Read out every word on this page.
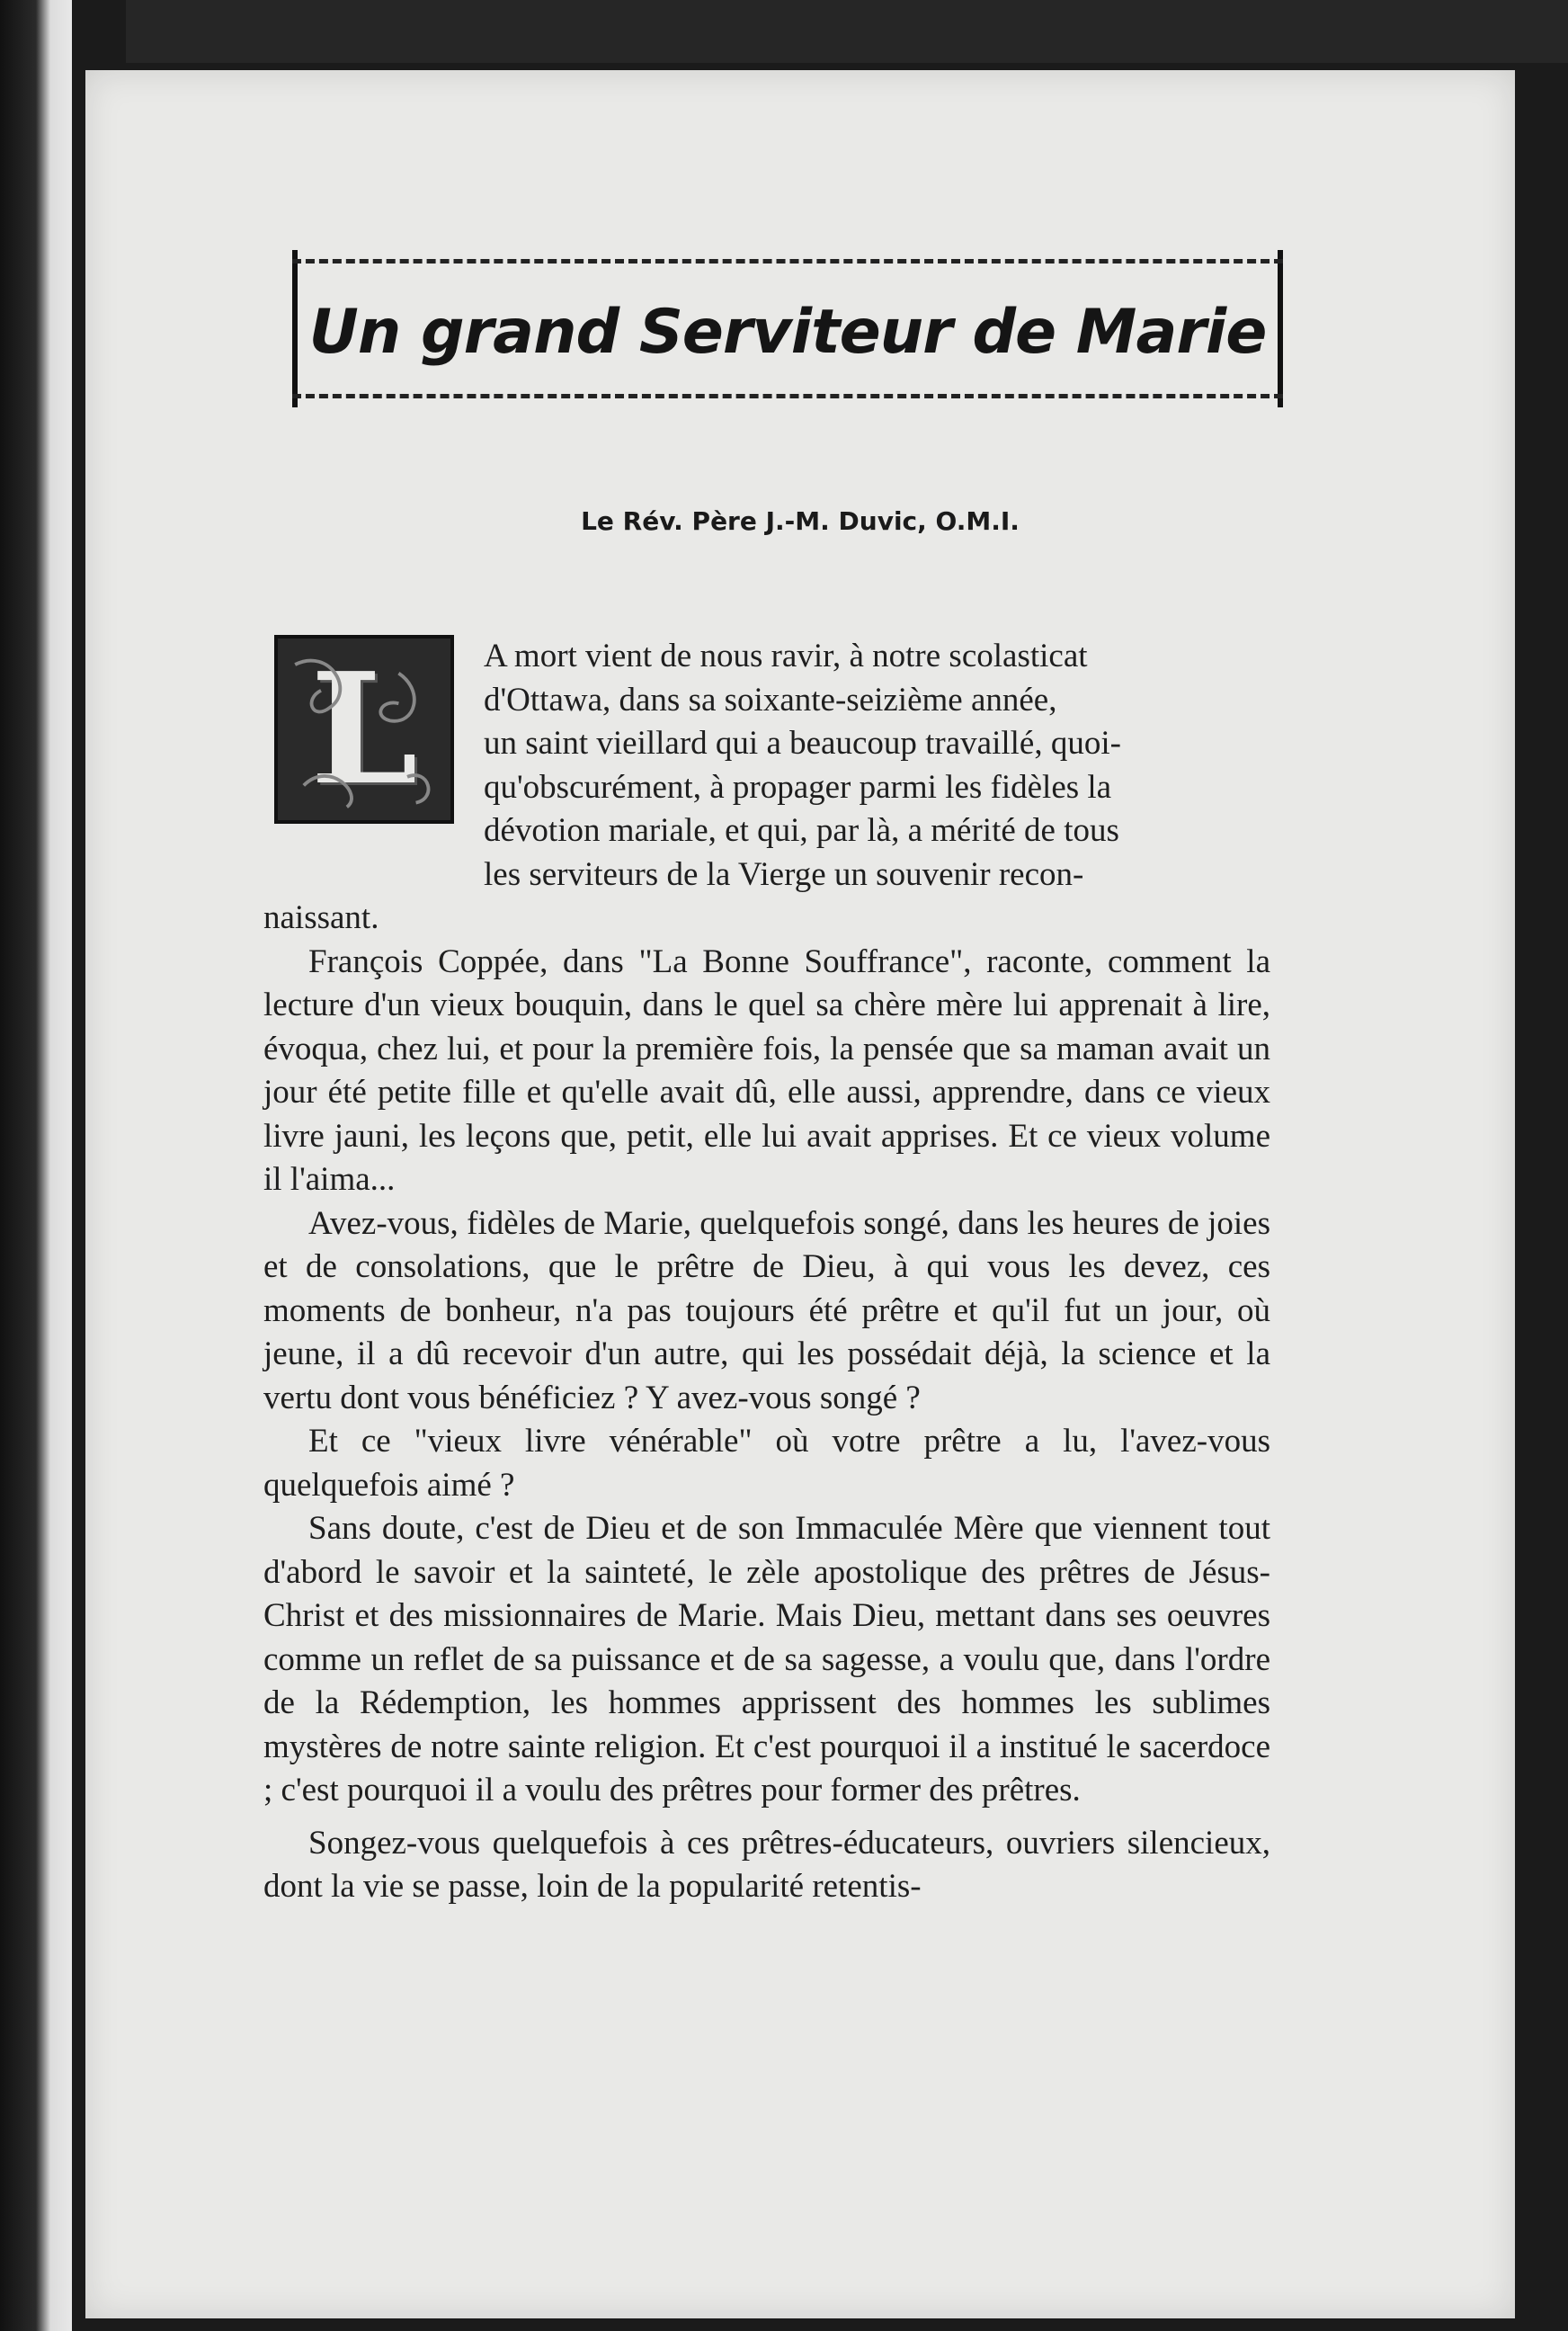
Un grand Serviteur de Marie
Le Rév. Père J.-M. Duvic, O.M.I.
L	A mort vient de nous ravir, à notre scolasticat
d'Ottawa, dans sa soixante-seizième année,
un saint vieillard qui a beaucoup travaillé, quoi-
qu'obscurément, à propager parmi les fidèles la
dévotion mariale, et qui, par là, a mérité de tous
les serviteurs de la Vierge un souvenir recon-

naissant.

François Coppée, dans "La Bonne Souffrance", raconte, comment la lecture d'un vieux bouquin, dans le quel sa chère mère lui apprenait à lire, évoqua, chez lui, et pour la première fois, la pensée que sa maman avait un jour été petite fille et qu'elle avait dû, elle aussi, apprendre, dans ce vieux livre jauni, les leçons que, petit, elle lui avait apprises. Et ce vieux volume il l'aima...

Avez-vous, fidèles de Marie, quelquefois songé, dans les heures de joies et de consolations, que le prêtre de Dieu, à qui vous les devez, ces moments de bonheur, n'a pas toujours été prêtre et qu'il fut un jour, où jeune, il a dû recevoir d'un autre, qui les possédait déjà, la science et la vertu dont vous bénéficiez ? Y avez-vous songé ?

Et ce "vieux livre vénérable" où votre prêtre a lu, l'avez-vous quelquefois aimé ?

Sans doute, c'est de Dieu et de son Immaculée Mère que viennent tout d'abord le savoir et la sainteté, le zèle apostolique des prêtres de Jésus-Christ et des missionnaires de Marie. Mais Dieu, mettant dans ses oeuvres comme un reflet de sa puissance et de sa sagesse, a voulu que, dans l'ordre de la Rédemption, les hommes apprissent des hommes les sublimes mystères de notre sainte religion. Et c'est pourquoi il a institué le sacerdoce ; c'est pourquoi il a voulu des prêtres pour former des prêtres.

Songez-vous quelquefois à ces prêtres-éducateurs, ouvriers silencieux, dont la vie se passe, loin de la popularité retentis-
